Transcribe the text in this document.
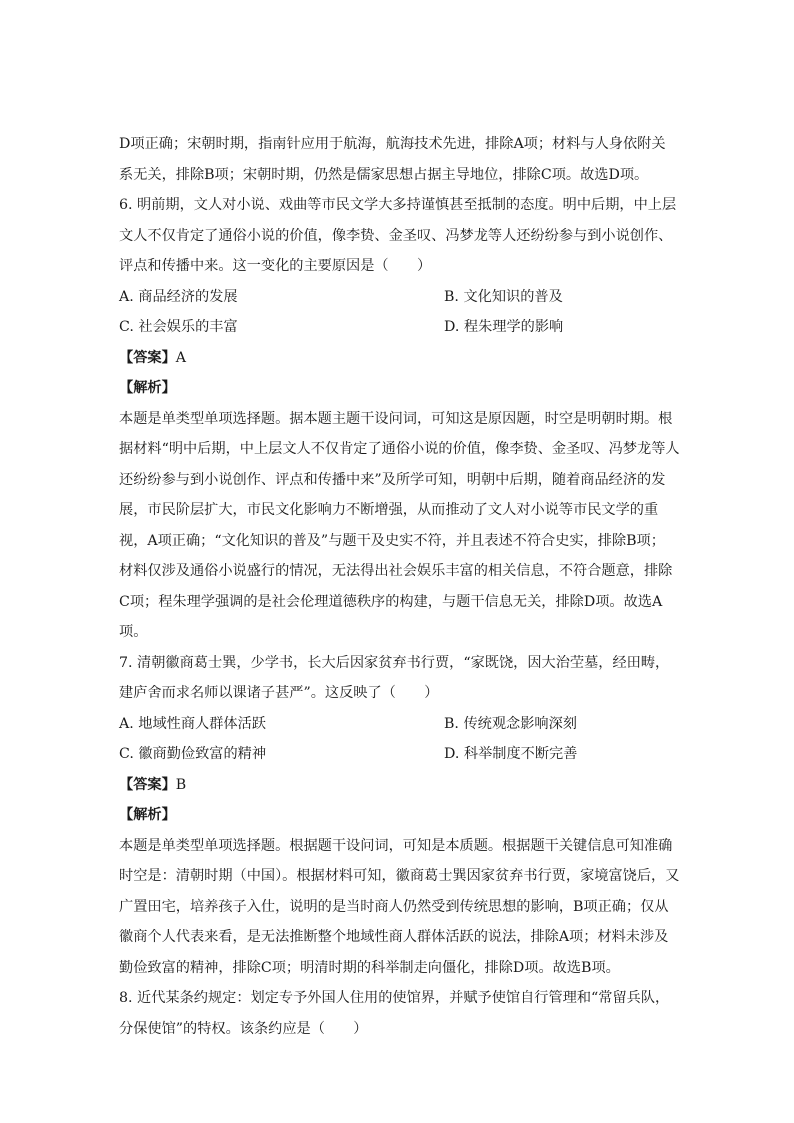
D项正确；宋朝时期，指南针应用于航海，航海技术先进，排除A项；材料与人身依附关
系无关，排除B项；宋朝时期，仍然是儒家思想占据主导地位，排除C项。故选D项。
6. 明前期，文人对小说、戏曲等市民文学大多持谨慎甚至抵制的态度。明中后期，中上层
文人不仅肯定了通俗小说的价值，像李贽、金圣叹、冯梦龙等人还纷纷参与到小说创作、
评点和传播中来。这一变化的主要原因是（　　）
A. 商品经济的发展	B. 文化知识的普及
C. 社会娱乐的丰富	D. 程朱理学的影响
【答案】A
【解析】
本题是单类型单项选择题。据本题主题干设问词，可知这是原因题，时空是明朝时期。根
据材料“明中后期，中上层文人不仅肯定了通俗小说的价值，像李贽、金圣叹、冯梦龙等人
还纷纷参与到小说创作、评点和传播中来”及所学可知，明朝中后期，随着商品经济的发
展，市民阶层扩大，市民文化影响力不断增强，从而推动了文人对小说等市民文学的重
视，A项正确；“文化知识的普及”与题干及史实不符，并且表述不符合史实，排除B项；
材料仅涉及通俗小说盛行的情况，无法得出社会娱乐丰富的相关信息，不符合题意，排除
C项；程朱理学强调的是社会伦理道德秩序的构建，与题干信息无关，排除D项。故选A
项。
7. 清朝徽商葛士巽，少学书，长大后因家贫弃书行贾，“家既饶，因大治茔墓，经田畴，
建庐舍而求名师以课诸子甚严”。这反映了（　　）
A. 地域性商人群体活跃	B. 传统观念影响深刻
C. 徽商勤俭致富的精神	D. 科举制度不断完善
【答案】B
【解析】
本题是单类型单项选择题。根据题干设问词，可知是本质题。根据题干关键信息可知准确
时空是：清朝时期（中国）。根据材料可知，徽商葛士巽因家贫弃书行贾，家境富饶后，又
广置田宅，培养孩子入仕，说明的是当时商人仍然受到传统思想的影响，B项正确；仅从
徽商个人代表来看，是无法推断整个地域性商人群体活跃的说法，排除A项；材料未涉及
勤俭致富的精神，排除C项；明清时期的科举制走向僵化，排除D项。故选B项。
8. 近代某条约规定：划定专予外国人住用的使馆界，并赋予使馆自行管理和“常留兵队，
分保使馆”的特权。该条约应是（　　）
